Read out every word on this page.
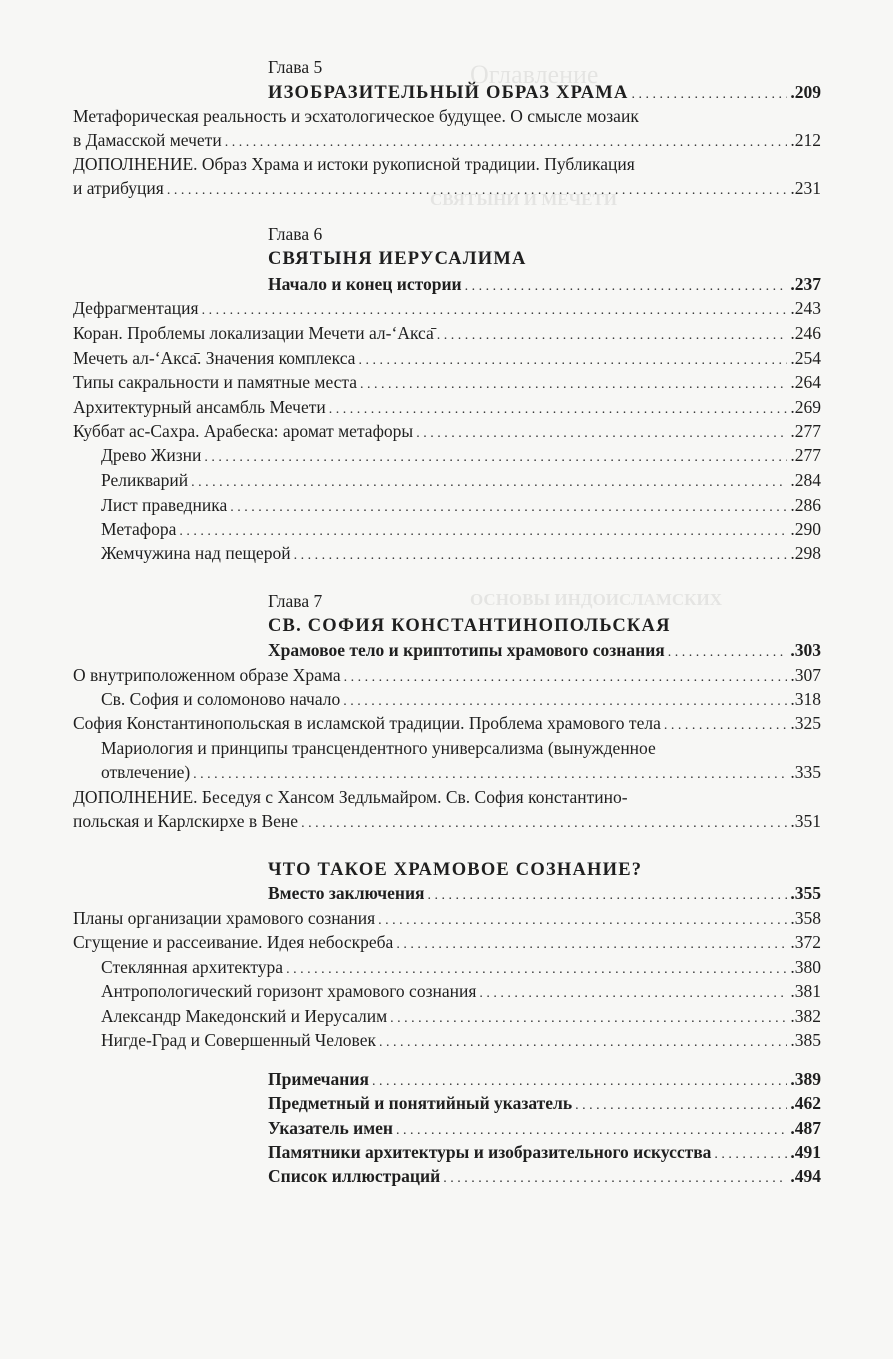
Оглавление
СВЯТЫНИ И МЕЧЕТИ
ОСНОВЫ ИНДОИСЛАМСКИХ
Глава 5
ИЗОБРАЗИТЕЛЬНЫЙ ОБРАЗ ХРАМА . . .	.209
Метафорическая реальность и эсхатологическое будущее. О смысле мозаик
в Дамасской мечети . . .	.212
ДОПОЛНЕНИЕ. Образ Храма и истоки рукописной традиции. Публикация
и атрибуция . . .	.231
Глава 6
СВЯТЫНЯ ИЕРУСАЛИМА
Начало и конец истории . . .	.237
Дефрагментация . . .	.243
Коран. Проблемы локализации Мечети ал-‘Акса̄ . . .	.246
Мечеть ал-‘Акса̄. Значения комплекса . . .	.254
Типы сакральности и памятные места . . .	.264
Архитектурный ансамбль Мечети . . .	.269
Куббат ас-Сахра. Арабеска: аромат метафоры . . .	.277
Древо Жизни . . .	.277
Реликварий . . .	.284
Лист праведника . . .	.286
Метафора . . .	.290
Жемчужина над пещерой . . .	.298
Глава 7
СВ. СОФИЯ КОНСТАНТИНОПОЛЬСКАЯ
Храмовое тело и криптотипы храмового сознания . . .	.303
О внутриположенном образе Храма . . .	.307
Св. София и соломоново начало . . .	.318
София Константинопольская в исламской традиции. Проблема храмового тела . . .	.325
Мариология и принципы трансцендентного универсализма (вынужденное
отвлечение) . . .	.335
ДОПОЛНЕНИЕ. Беседуя с Хансом Зедльмайром. Св. София константино-
польская и Карлскирхе в Вене . . .	.351
ЧТО ТАКОЕ ХРАМОВОЕ СОЗНАНИЕ?
Вместо заключения . . .	.355
Планы организации храмового сознания . . .	.358
Сгущение и рассеивание. Идея небоскреба . . .	.372
Стеклянная архитектура . . .	.380
Антропологический горизонт храмового сознания . . .	.381
Александр Македонский и Иерусалим . . .	.382
Нигде-Град и Совершенный Человек . . .	.385
Примечания . . .	.389
Предметный и понятийный указатель . . .	.462
Указатель имен . . .	.487
Памятники архитектуры и изобразительного искусства . . .	.491
Список иллюстраций . . .	.494
